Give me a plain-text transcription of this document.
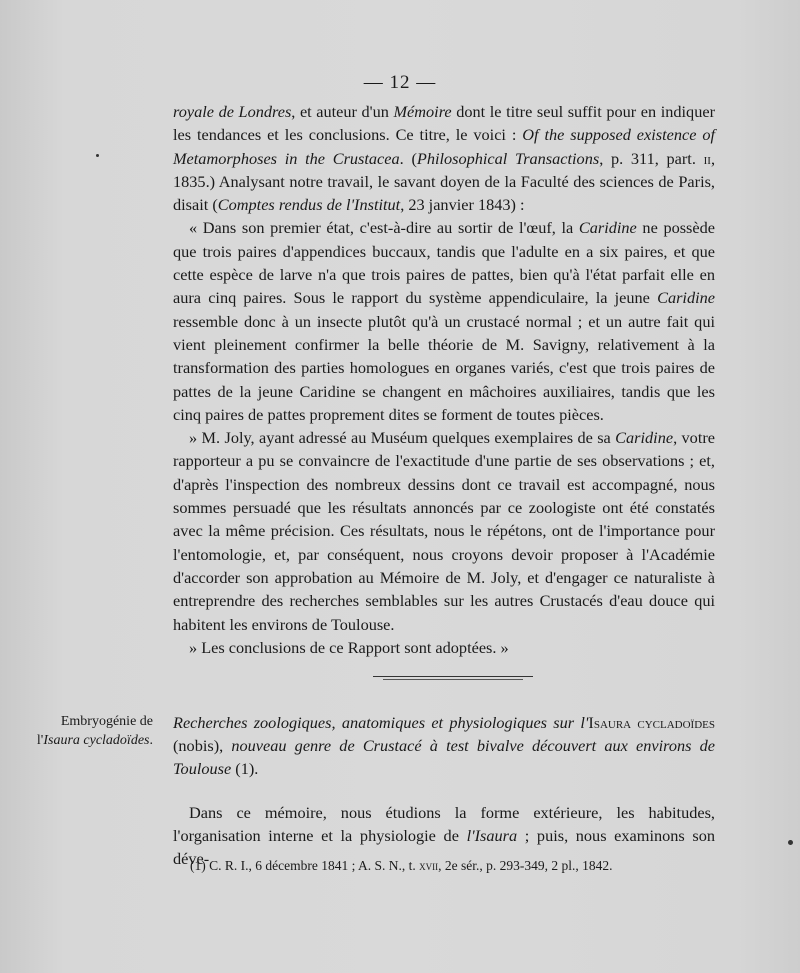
— 12 —

royale de Londres, et auteur d'un Mémoire dont le titre seul suffit pour en indiquer les tendances et les conclusions. Ce titre, le voici : Of the supposed existence of Metamorphoses in the Crustacea. (Philosophical Transactions, p. 311, part. ii, 1835.) Analysant notre travail, le savant doyen de la Faculté des sciences de Paris, disait (Comptes rendus de l'Institut, 23 janvier 1843) :

« Dans son premier état, c'est-à-dire au sortir de l'œuf, la Caridine ne possède que trois paires d'appendices buccaux, tandis que l'adulte en a six paires, et que cette espèce de larve n'a que trois paires de pattes, bien qu'à l'état parfait elle en aura cinq paires. Sous le rapport du système appendiculaire, la jeune Caridine ressemble donc à un insecte plutôt qu'à un crustacé normal ; et un autre fait qui vient pleinement confirmer la belle théorie de M. Savigny, relativement à la transformation des parties homologues en organes variés, c'est que trois paires de pattes de la jeune Caridine se changent en mâchoires auxiliaires, tandis que les cinq paires de pattes proprement dites se forment de toutes pièces.

» M. Joly, ayant adressé au Muséum quelques exemplaires de sa Caridine, votre rapporteur a pu se convaincre de l'exactitude d'une partie de ses observations ; et, d'après l'inspection des nombreux dessins dont ce travail est accompagné, nous sommes persuadé que les résultats annoncés par ce zoologiste ont été constatés avec la même précision. Ces résultats, nous le répétons, ont de l'importance pour l'entomologie, et, par conséquent, nous croyons devoir proposer à l'Académie d'accorder son approbation au Mémoire de M. Joly, et d'engager ce naturaliste à entreprendre des recherches semblables sur les autres Crustacés d'eau douce qui habitent les environs de Toulouse.

» Les conclusions de ce Rapport sont adoptées. »

Embryogénie de l'Isaura cycladoïdes.

Recherches zoologiques, anatomiques et physiologiques sur l'Isaura cycladoïdes (nobis), nouveau genre de Crustacé à test bivalve découvert aux environs de Toulouse (1).

Dans ce mémoire, nous étudions la forme extérieure, les habitudes, l'organisation interne et la physiologie de l'Isaura ; puis, nous examinons son déve-

(1) C. R. I., 6 décembre 1841 ; A. S. N., t. xvii, 2e sér., p. 293-349, 2 pl., 1842.
